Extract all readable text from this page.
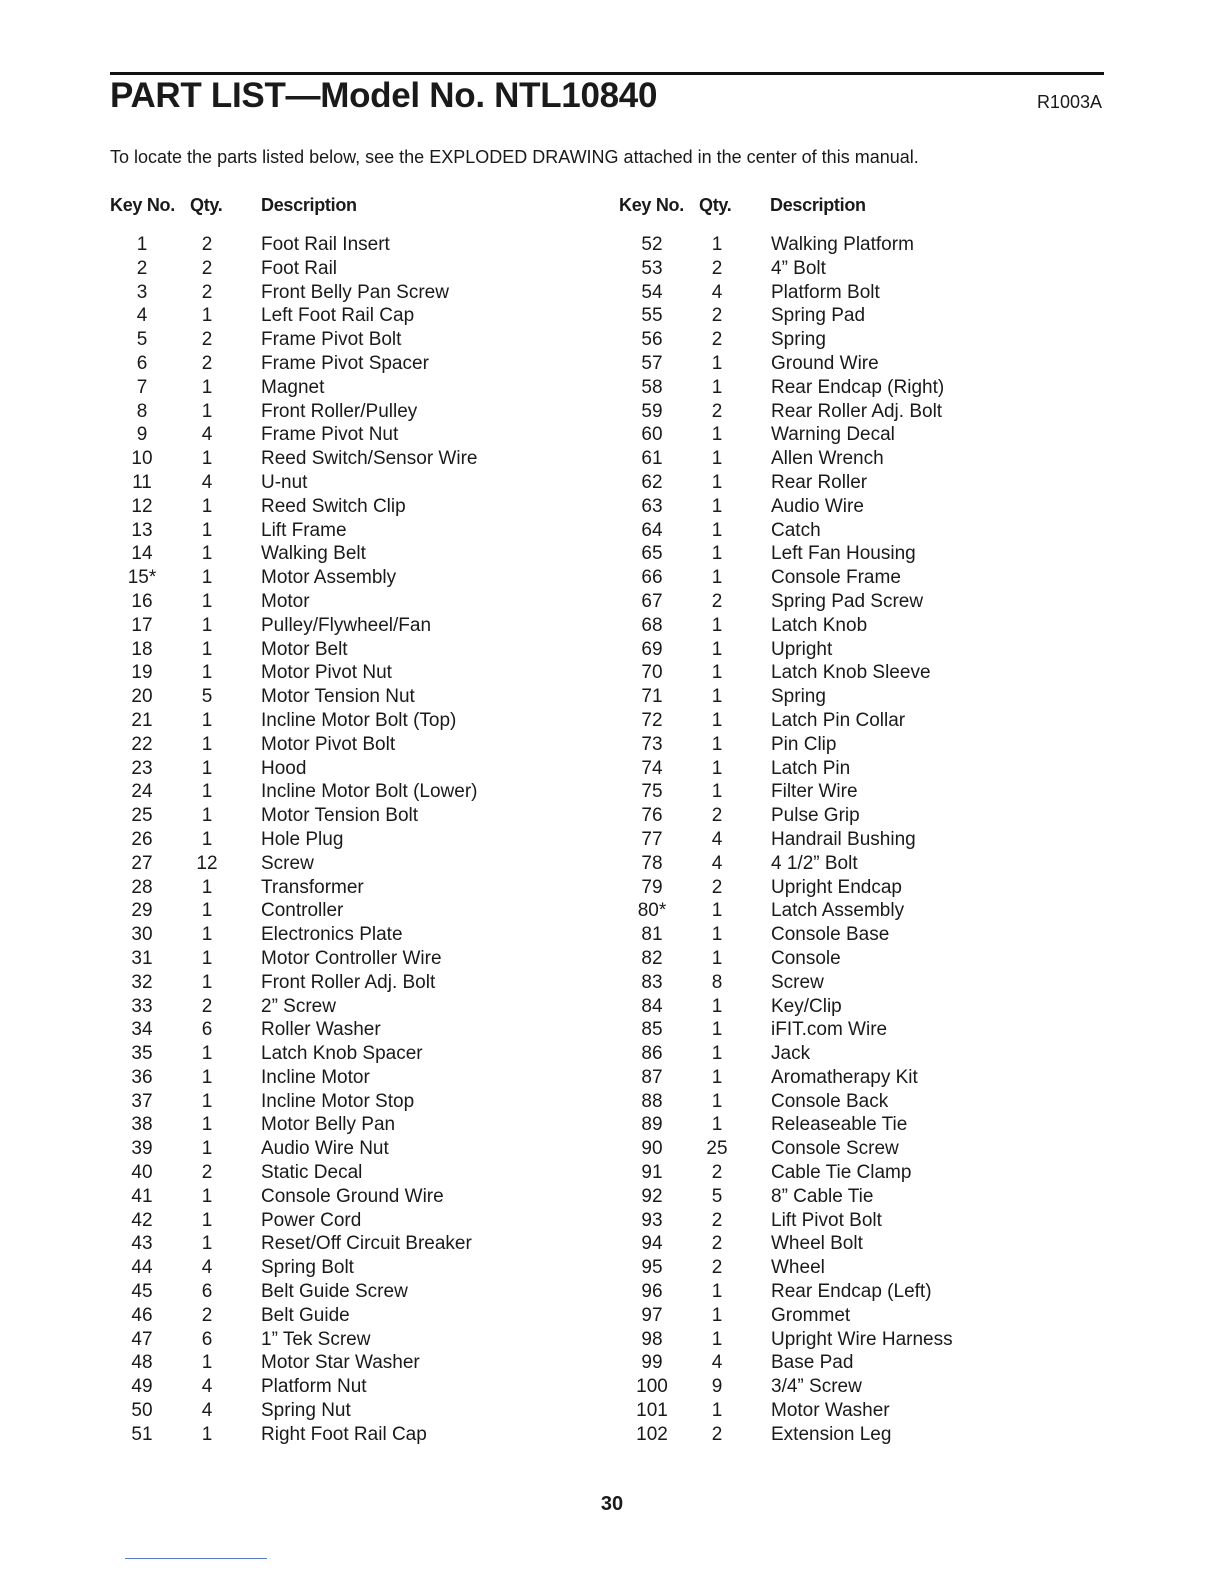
PART LIST—Model No. NTL10840	R1003A
To locate the parts listed below, see the EXPLODED DRAWING attached in the center of this manual.
Key No. Qty. Description	Key No. Qty. Description
1	2	Foot Rail Insert
2	2	Foot Rail
3	2	Front Belly Pan Screw
4	1	Left Foot Rail Cap
5	2	Frame Pivot Bolt
6	2	Frame Pivot Spacer
7	1	Magnet
8	1	Front Roller/Pulley
9	4	Frame Pivot Nut
10	1	Reed Switch/Sensor Wire
11	4	U-nut
12	1	Reed Switch Clip
13	1	Lift Frame
14	1	Walking Belt
15*	1	Motor Assembly
16	1	Motor
17	1	Pulley/Flywheel/Fan
18	1	Motor Belt
19	1	Motor Pivot Nut
20	5	Motor Tension Nut
21	1	Incline Motor Bolt (Top)
22	1	Motor Pivot Bolt
23	1	Hood
24	1	Incline Motor Bolt (Lower)
25	1	Motor Tension Bolt
26	1	Hole Plug
27	12	Screw
28	1	Transformer
29	1	Controller
30	1	Electronics Plate
31	1	Motor Controller Wire
32	1	Front Roller Adj. Bolt
33	2	2” Screw
34	6	Roller Washer
35	1	Latch Knob Spacer
36	1	Incline Motor
37	1	Incline Motor Stop
38	1	Motor Belly Pan
39	1	Audio Wire Nut
40	2	Static Decal
41	1	Console Ground Wire
42	1	Power Cord
43	1	Reset/Off Circuit Breaker
44	4	Spring Bolt
45	6	Belt Guide Screw
46	2	Belt Guide
47	6	1” Tek Screw
48	1	Motor Star Washer
49	4	Platform Nut
50	4	Spring Nut
51	1	Right Foot Rail Cap
52	1	Walking Platform
53	2	4” Bolt
54	4	Platform Bolt
55	2	Spring Pad
56	2	Spring
57	1	Ground Wire
58	1	Rear Endcap (Right)
59	2	Rear Roller Adj. Bolt
60	1	Warning Decal
61	1	Allen Wrench
62	1	Rear Roller
63	1	Audio Wire
64	1	Catch
65	1	Left Fan Housing
66	1	Console Frame
67	2	Spring Pad Screw
68	1	Latch Knob
69	1	Upright
70	1	Latch Knob Sleeve
71	1	Spring
72	1	Latch Pin Collar
73	1	Pin Clip
74	1	Latch Pin
75	1	Filter Wire
76	2	Pulse Grip
77	4	Handrail Bushing
78	4	4 1/2” Bolt
79	2	Upright Endcap
80*	1	Latch Assembly
81	1	Console Base
82	1	Console
83	8	Screw
84	1	Key/Clip
85	1	iFIT.com Wire
86	1	Jack
87	1	Aromatherapy Kit
88	1	Console Back
89	1	Releaseable Tie
90	25	Console Screw
91	2	Cable Tie Clamp
92	5	8” Cable Tie
93	2	Lift Pivot Bolt
94	2	Wheel Bolt
95	2	Wheel
96	1	Rear Endcap (Left)
97	1	Grommet
98	1	Upright Wire Harness
99	4	Base Pad
100	9	3/4” Screw
101	1	Motor Washer
102	2	Extension Leg
30
